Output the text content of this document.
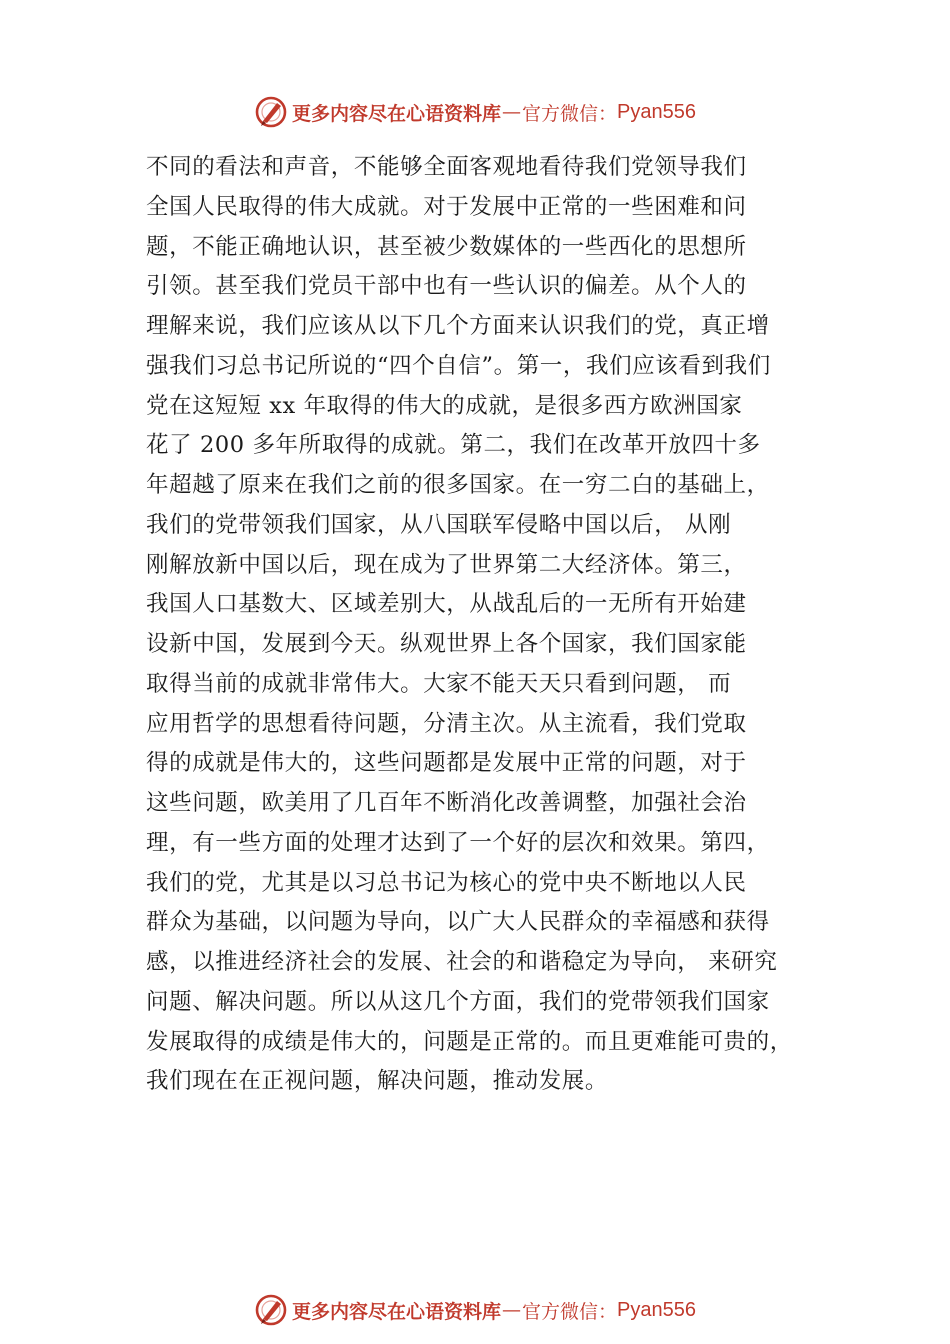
更多内容尽在心语资料库 — 官方微信： Pyan556
不同的看法和声音，不能够全面客观地看待我们党领导我们
全国人民取得的伟大成就。对于发展中正常的一些困难和问
题，不能正确地认识，甚至被少数媒体的一些西化的思想所
引领。甚至我们党员干部中也有一些认识的偏差。从个人的
理解来说，我们应该从以下几个方面来认识我们的党，真正增
强我们习总书记所说的“四个自信”。第一，我们应该看到我们
党在这短短 xx 年取得的伟大的成就，是很多西方欧洲国家
花了 200 多年所取得的成就。第二，我们在改革开放四十多
年超越了原来在我们之前的很多国家。在一穷二白的基础上，
我们的党带领我们国家，从八国联军侵略中国以后， 从刚
刚解放新中国以后，现在成为了世界第二大经济体。第三，
我国人口基数大、区域差别大，从战乱后的一无所有开始建
设新中国，发展到今天。纵观世界上各个国家，我们国家能
取得当前的成就非常伟大。大家不能天天只看到问题， 而
应用哲学的思想看待问题，分清主次。从主流看，我们党取
得的成就是伟大的，这些问题都是发展中正常的问题，对于
这些问题，欧美用了几百年不断消化改善调整，加强社会治
理，有一些方面的处理才达到了一个好的层次和效果。第四，
我们的党，尤其是以习总书记为核心的党中央不断地以人民
群众为基础，以问题为导向，以广大人民群众的幸福感和获得
感，以推进经济社会的发展、社会的和谐稳定为导向， 来研究
问题、解决问题。所以从这几个方面，我们的党带领我们国家
发展取得的成绩是伟大的，问题是正常的。而且更难能可贵的，
我们现在在正视问题，解决问题，推动发展。
更多内容尽在心语资料库 — 官方微信： Pyan556
